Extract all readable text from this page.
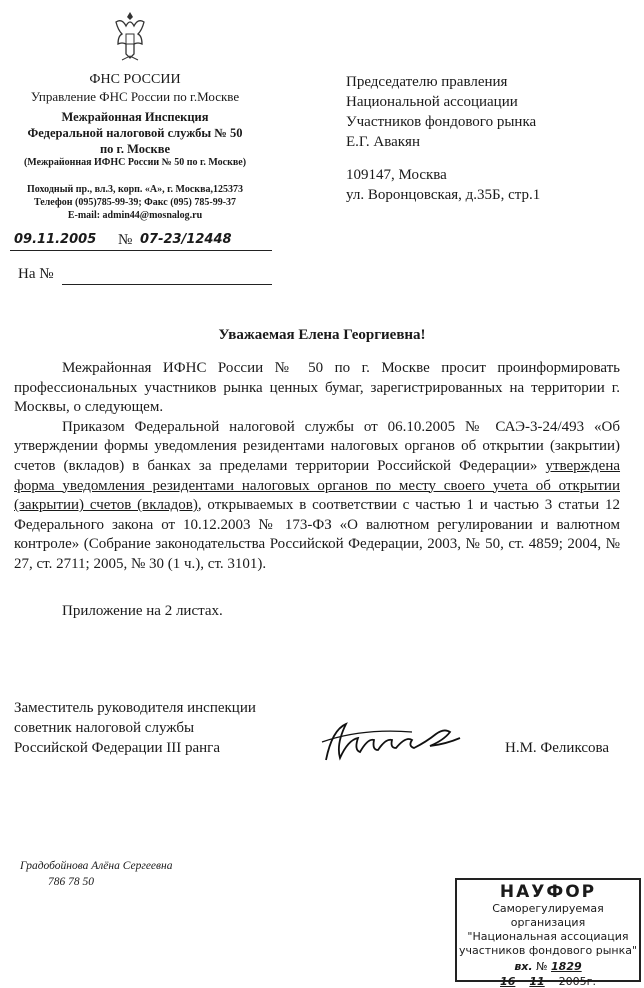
ФНС РОССИИ
Управление ФНС России по г.Москве
Межрайонная Инспекция
Федеральной налоговой службы № 50
по г. Москве
(Межрайонная ИФНС России № 50 по г. Москве)
Походный пр., вл.3, корп. «А», г. Москва,125373
Телефон (095)785-99-39; Факс (095) 785-99-37
E-mail: admin44@mosnalog.ru
09.11.2005 № 07-23/12448
На №
Председателю правления
Национальной ассоциации
Участников фондового рынка
Е.Г. Авакян
109147, Москва
ул. Воронцовская, д.35Б, стр.1
Уважаемая Елена Георгиевна!

Межрайонная ИФНС России № 50 по г. Москве просит проинформировать профессиональных участников рынка ценных бумаг, зарегистрированных на территории г. Москвы, о следующем.

Приказом Федеральной налоговой службы от 06.10.2005 № САЭ-3-24/493 «Об утверждении формы уведомления резидентами налоговых органов об открытии (закрытии) счетов (вкладов) в банках за пределами территории Российской Федерации» утверждена форма уведомления резидентами налоговых органов по месту своего учета об открытии (закрытии) счетов (вкладов), открываемых в соответствии с частью 1 и частью 3 статьи 12 Федерального закона от 10.12.2003 № 173-ФЗ «О валютном регулировании и валютном контроле» (Собрание законодательства Российской Федерации, 2003, № 50, ст. 4859; 2004, № 27, ст. 2711; 2005, № 30 (1 ч.), ст. 3101).

Приложение на 2 листах.
Заместитель руководителя инспекции
советник налоговой службы
Российской Федерации III ранга	Н.М. Феликсова
Градобойнова Алёна Сергеевна
786 78 50	НАУФОР
Саморегулируемая организация
"Национальная ассоциация
участников фондового рынка"
вх. № 1829
16 11 2005г.
